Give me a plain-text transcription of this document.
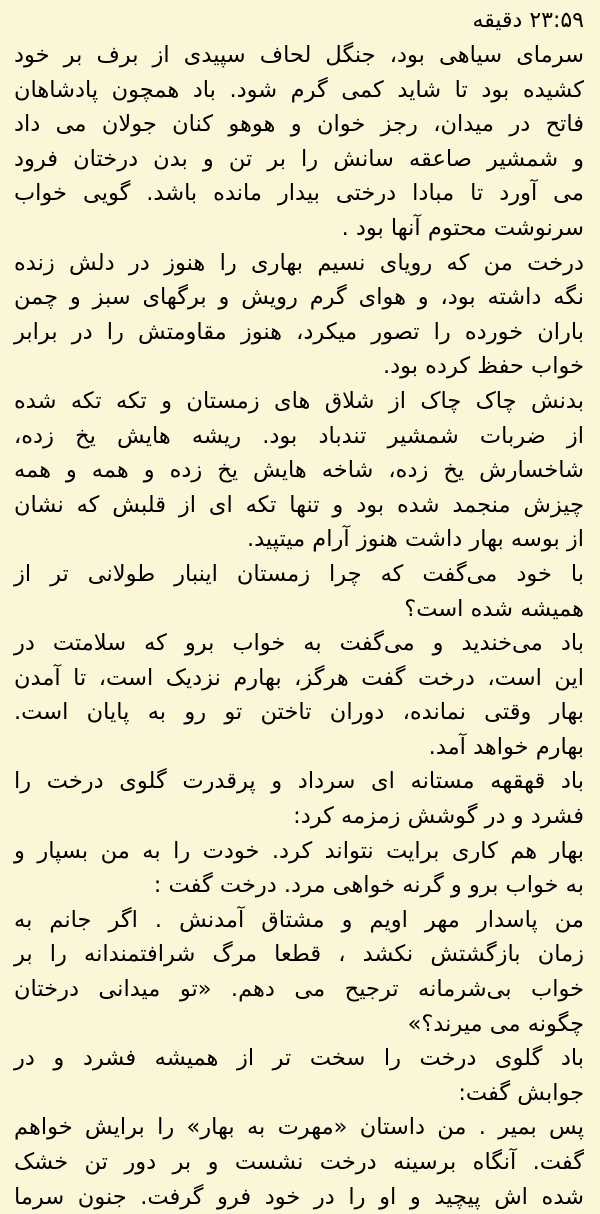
۲۳:۵۹ دقیقه
سرمای سیاهی بود، جنگل لحاف سپیدی از برف بر خود
کشیده بود تا شاید کمی گرم شود. باد همچون پادشاهان
فاتح در میدان، رجز خوان و هوهو کنان جولان می داد
و شمشیر صاعقه سانش را بر تن و بدن درختان فرود
می آورد تا مبادا درختی بیدار مانده باشد. گویی خواب
سرنوشت محتوم آنها بود .
درخت من که رویای نسیم بهاری را هنوز در دلش زنده
نگه داشته بود، و هوای گرم رویش و برگهای سبز و چمن
باران خورده را تصور میکرد، هنوز مقاومتش را در برابر
خواب حفظ کرده بود.
بدنش چاک چاک از شلاق های زمستان و تکه تکه شده
از ضربات شمشیر تندباد بود. ریشه هایش یخ زده،
شاخسارش یخ زده، شاخه هایش یخ زده و همه و همه
چیزش منجمد شده بود و تنها تکه ای از قلبش که نشان
از بوسه بهار داشت هنوز آرام میتپید.
با خود می‌گفت که چرا زمستان اینبار طولانی تر از
همیشه شده است؟
باد می‌خندید و می‌گفت به خواب برو که سلامتت در
این است، درخت گفت هرگز، بهارم نزدیک است، تا آمدن
بهار وقتی نمانده، دوران تاختن تو رو به پایان است.
بهارم خواهد آمد.
باد قهقهه مستانه ای سرداد و پرقدرت گلوی درخت را
فشرد و در گوشش زمزمه کرد:
بهار هم کاری برایت نتواند کرد. خودت را به من بسپار و
به خواب برو و گرنه خواهی مرد. درخت گفت :
من پاسدار مهر اویم و مشتاق آمدنش . اگر جانم به
زمان بازگشتش نکشد ، قطعا مرگ شرافتمندانه را بر
خواب بی‌شرمانه ترجیح می دهم. «تو میدانی درختان
چگونه می میرند؟»
باد گلوی درخت را سخت تر از همیشه فشرد و در
جوابش گفت:
پس بمیر . من داستان «مهرت به بهار» را برایش خواهم
گفت. آنگاه برسینه درخت نشست و بر دور تن خشک
شده اش پیچید و او را در خود فرو گرفت. جنون سرما
